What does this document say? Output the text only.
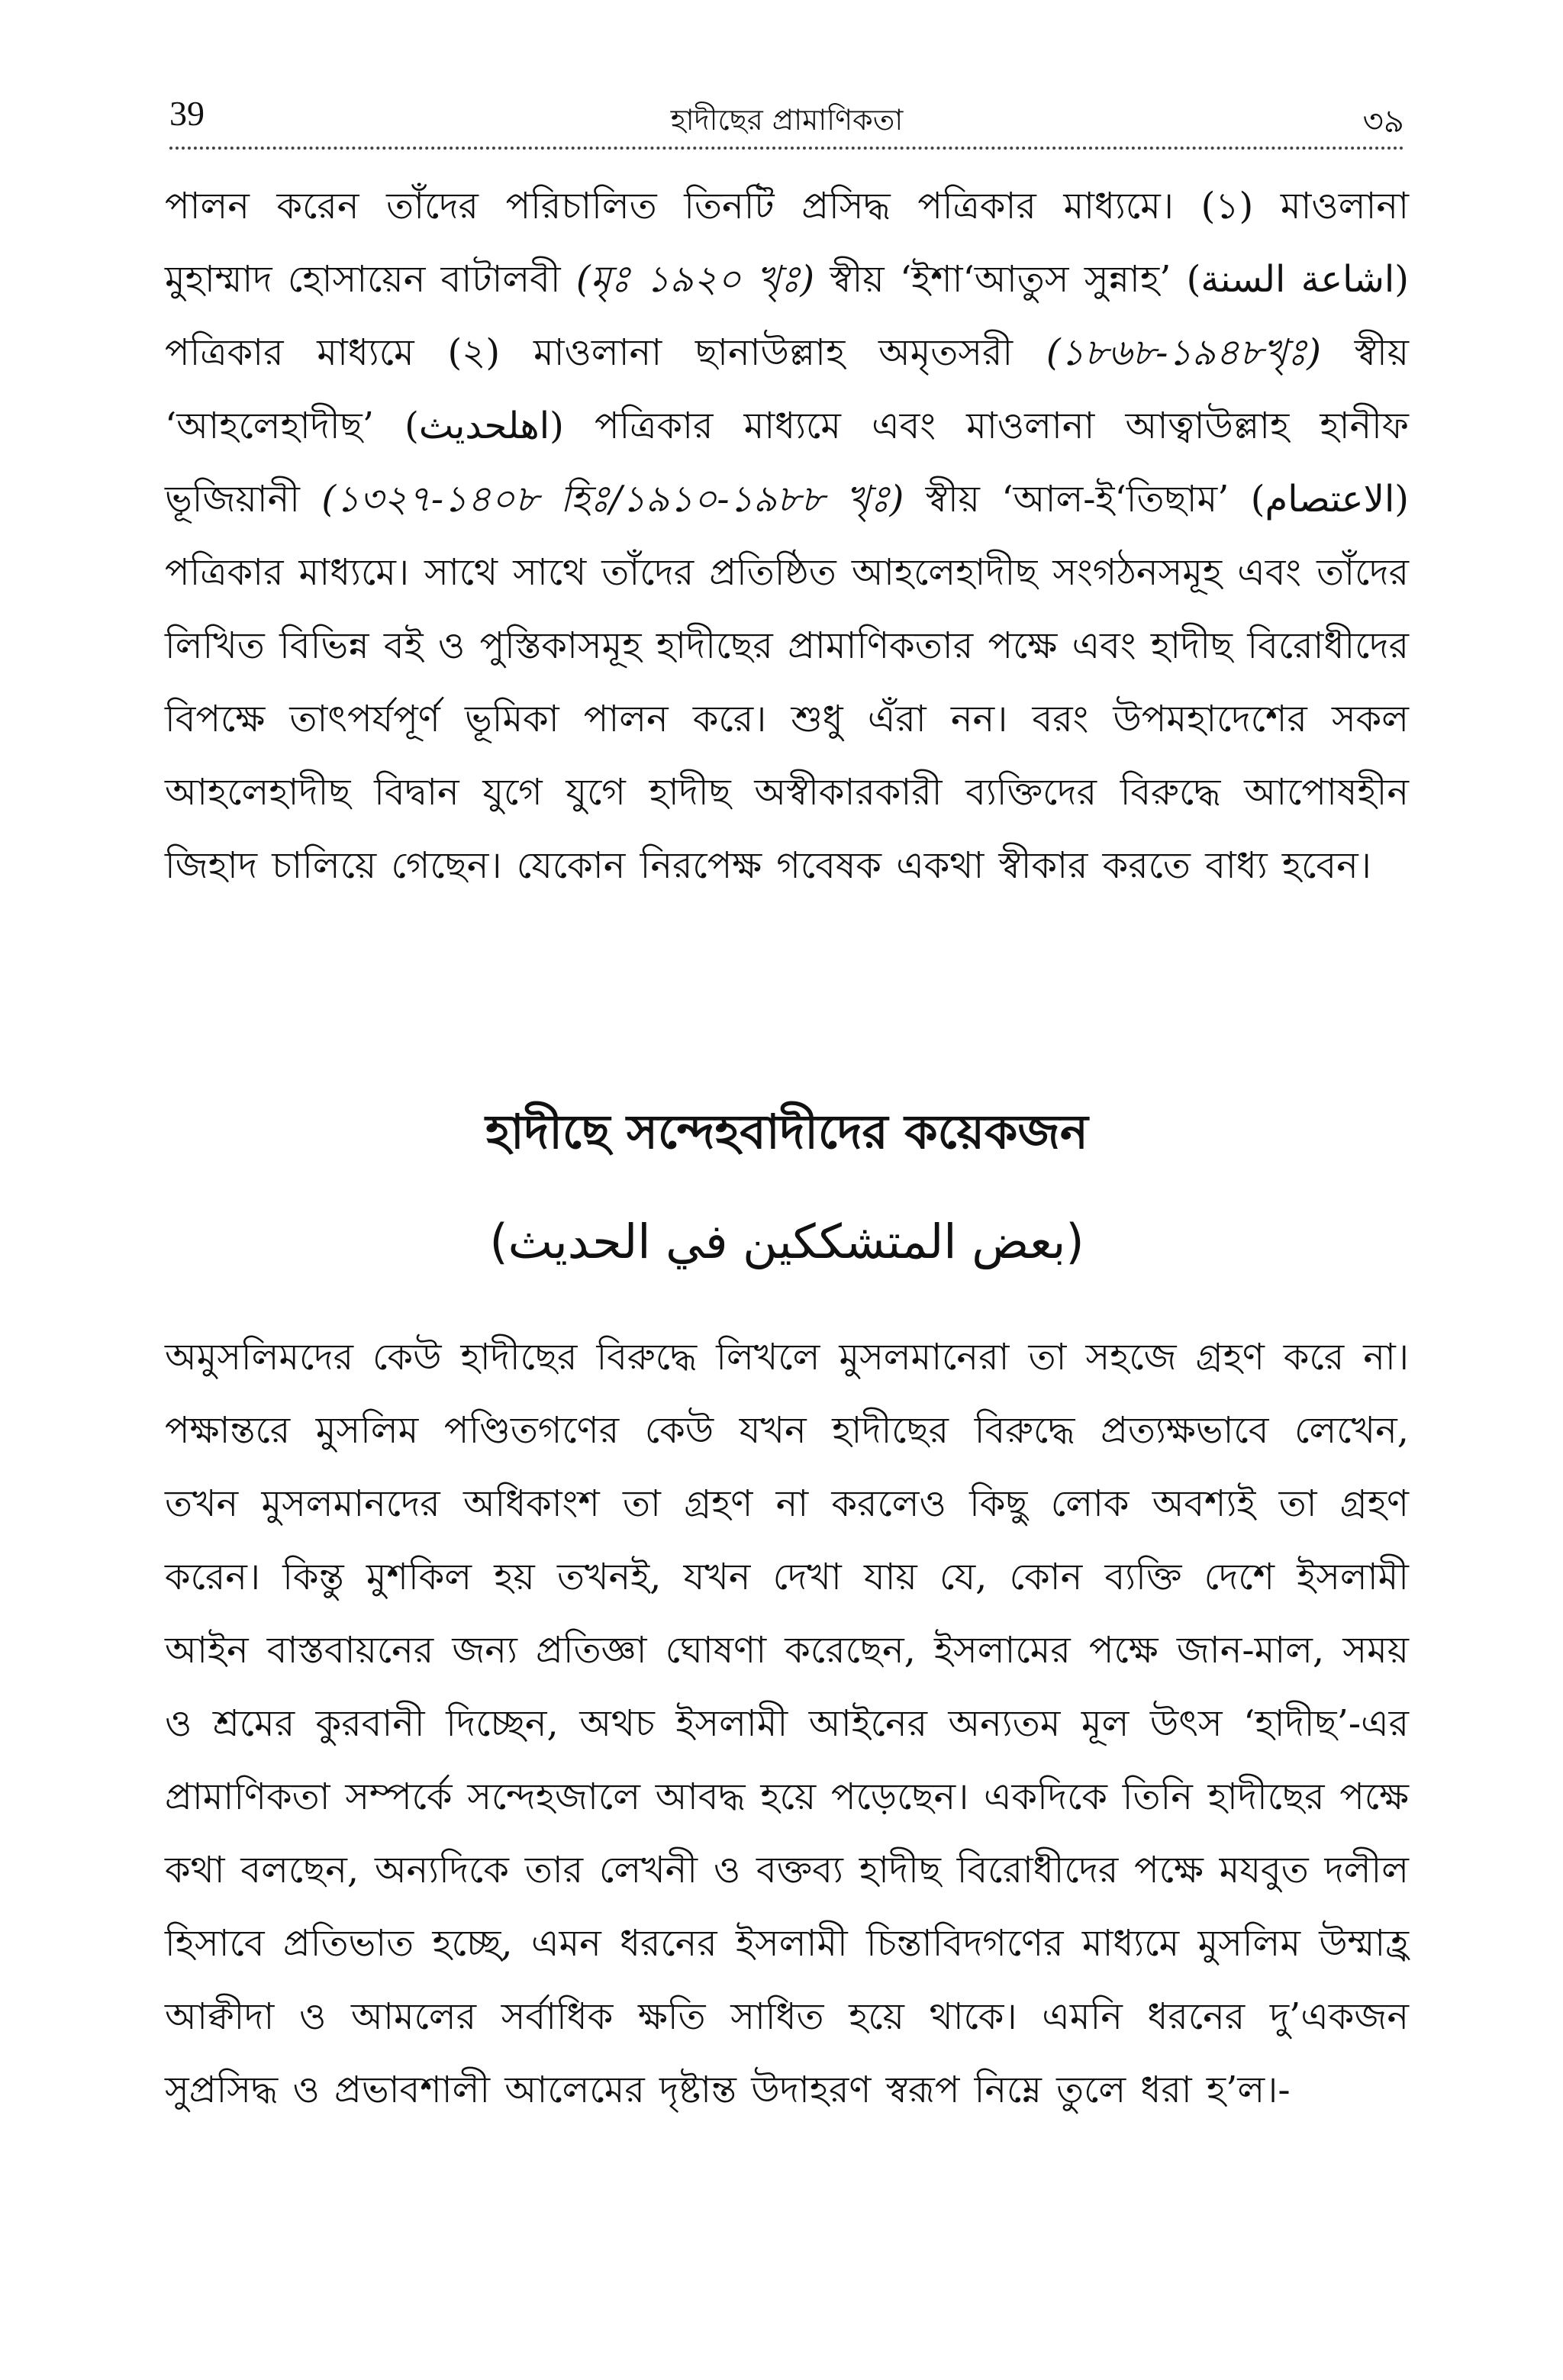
39	হাদীছের প্রামাণিকতা	৩৯

পালন করেন তাঁদের পরিচালিত তিনটি প্রসিদ্ধ পত্রিকার মাধ্যমে। (১) মাওলানা মুহাম্মাদ হোসায়েন বাটালবী (মৃঃ ১৯২০ খৃঃ) স্বীয় ‘ইশা‘আতুস সুন্নাহ’ (اشاعة السنة) পত্রিকার মাধ্যমে (২) মাওলানা ছানাউল্লাহ অমৃতসরী (১৮৬৮-১৯৪৮খৃঃ) স্বীয় ‘আহলেহাদীছ’ (اهلحديث) পত্রিকার মাধ্যমে এবং মাওলানা আত্বাউল্লাহ হানীফ ভূজিয়ানী (১৩২৭-১৪০৮ হিঃ/১৯১০-১৯৮৮ খৃঃ) স্বীয় ‘আল-ই‘তিছাম’ (الاعتصام) পত্রিকার মাধ্যমে। সাথে সাথে তাঁদের প্রতিষ্ঠিত আহলেহাদীছ সংগঠনসমূহ এবং তাঁদের লিখিত বিভিন্ন বই ও পুস্তিকাসমূহ হাদীছের প্রামাণিকতার পক্ষে এবং হাদীছ বিরোধীদের বিপক্ষে তাৎপর্যপূর্ণ ভূমিকা পালন করে। শুধু এঁরা নন। বরং উপমহাদেশের সকল আহলেহাদীছ বিদ্বান যুগে যুগে হাদীছ অস্বীকারকারী ব্যক্তিদের বিরুদ্ধে আপোষহীন জিহাদ চালিয়ে গেছেন। যেকোন নিরপেক্ষ গবেষক একথা স্বীকার করতে বাধ্য হবেন।

হাদীছে সন্দেহবাদীদের কয়েকজন
(بعض المتشككين في الحديث)

অমুসলিমদের কেউ হাদীছের বিরুদ্ধে লিখলে মুসলমানেরা তা সহজে গ্রহণ করে না। পক্ষান্তরে মুসলিম পণ্ডিতগণের কেউ যখন হাদীছের বিরুদ্ধে প্রত্যক্ষভাবে লেখেন, তখন মুসলমানদের অধিকাংশ তা গ্রহণ না করলেও কিছু লোক অবশ্যই তা গ্রহণ করেন। কিন্তু মুশকিল হয় তখনই, যখন দেখা যায় যে, কোন ব্যক্তি দেশে ইসলামী আইন বাস্তবায়নের জন্য প্রতিজ্ঞা ঘোষণা করেছেন, ইসলামের পক্ষে জান-মাল, সময় ও শ্রমের কুরবানী দিচ্ছেন, অথচ ইসলামী আইনের অন্যতম মূল উৎস ‘হাদীছ’-এর প্রামাণিকতা সম্পর্কে সন্দেহজালে আবদ্ধ হয়ে পড়েছেন। একদিকে তিনি হাদীছের পক্ষে কথা বলছেন, অন্যদিকে তার লেখনী ও বক্তব্য হাদীছ বিরোধীদের পক্ষে মযবুত দলীল হিসাবে প্রতিভাত হচ্ছে, এমন ধরনের ইসলামী চিন্তাবিদগণের মাধ্যমে মুসলিম উম্মাহ্র আক্বীদা ও আমলের সর্বাধিক ক্ষতি সাধিত হয়ে থাকে। এমনি ধরনের দু’একজন সুপ্রসিদ্ধ ও প্রভাবশালী আলেমের দৃষ্টান্ত উদাহরণ স্বরূপ নিম্নে তুলে ধরা হ’ল।-
